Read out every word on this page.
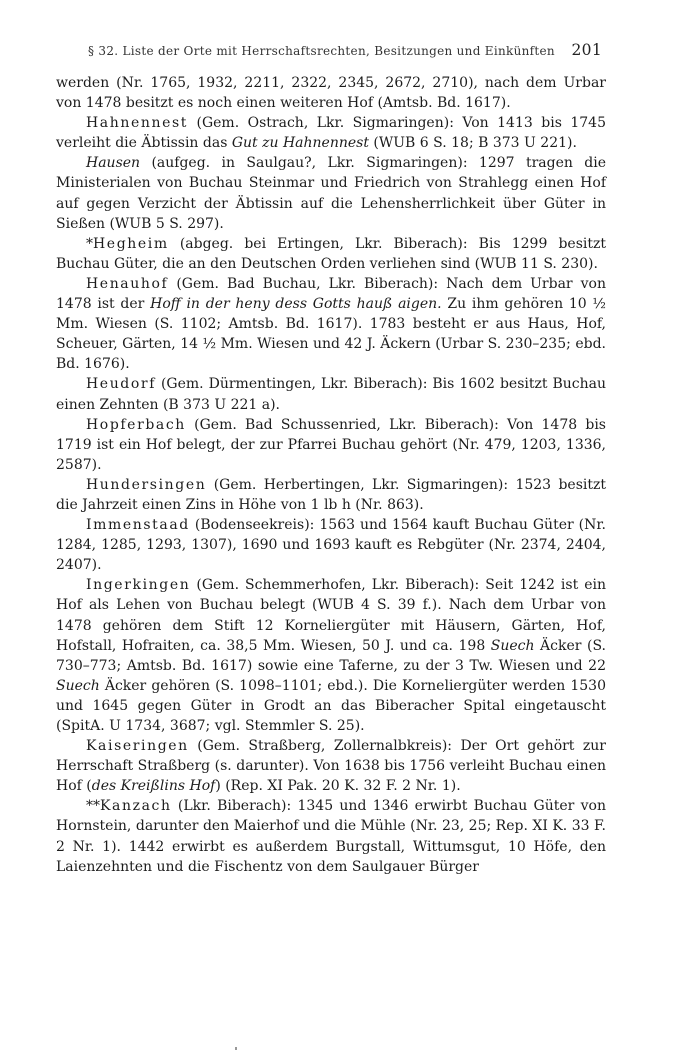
§ 32. Liste der Orte mit Herrschaftsrechten, Besitzungen und Einkünften 201

werden (Nr. 1765, 1932, 2211, 2322, 2345, 2672, 2710), nach dem Urbar von 1478 besitzt es noch einen weiteren Hof (Amtsb. Bd. 1617).

Hahnennest (Gem. Ostrach, Lkr. Sigmaringen): Von 1413 bis 1745 verleiht die Äbtissin das Gut zu Hahnennest (WUB 6 S. 18; B 373 U 221).

Hausen (aufgeg. in Saulgau?, Lkr. Sigmaringen): 1297 tragen die Ministerialen von Buchau Steinmar und Friedrich von Strahlegg einen Hof auf gegen Verzicht der Äbtissin auf die Lehensherrlichkeit über Güter in Sießen (WUB 5 S. 297).

*Hegheim (abgeg. bei Ertingen, Lkr. Biberach): Bis 1299 besitzt Buchau Güter, die an den Deutschen Orden verliehen sind (WUB 11 S. 230).

Henauhof (Gem. Bad Buchau, Lkr. Biberach): Nach dem Urbar von 1478 ist der Hoff in der heny dess Gotts hauß aigen. Zu ihm gehören 10 ½ Mm. Wiesen (S. 1102; Amtsb. Bd. 1617). 1783 besteht er aus Haus, Hof, Scheuer, Gärten, 14 ½ Mm. Wiesen und 42 J. Äckern (Urbar S. 230–235; ebd. Bd. 1676).

Heudorf (Gem. Dürmentingen, Lkr. Biberach): Bis 1602 besitzt Buchau einen Zehnten (B 373 U 221 a).

Hopferbach (Gem. Bad Schussenried, Lkr. Biberach): Von 1478 bis 1719 ist ein Hof belegt, der zur Pfarrei Buchau gehört (Nr. 479, 1203, 1336, 2587).

Hundersingen (Gem. Herbertingen, Lkr. Sigmaringen): 1523 besitzt die Jahrzeit einen Zins in Höhe von 1 lb h (Nr. 863).

Immenstaad (Bodenseekreis): 1563 und 1564 kauft Buchau Güter (Nr. 1284, 1285, 1293, 1307), 1690 und 1693 kauft es Rebgüter (Nr. 2374, 2404, 2407).

Ingerkingen (Gem. Schemmerhofen, Lkr. Biberach): Seit 1242 ist ein Hof als Lehen von Buchau belegt (WUB 4 S. 39 f.). Nach dem Urbar von 1478 gehören dem Stift 12 Korneliergüter mit Häusern, Gärten, Hof, Hofstall, Hofraiten, ca. 38,5 Mm. Wiesen, 50 J. und ca. 198 Suech Äcker (S. 730–773; Amtsb. Bd. 1617) sowie eine Taferne, zu der 3 Tw. Wiesen und 22 Suech Äcker gehören (S. 1098–1101; ebd.). Die Korneliergüter werden 1530 und 1645 gegen Güter in Grodt an das Biberacher Spital eingetauscht (SpitA. U 1734, 3687; vgl. Stemmler S. 25).

Kaiseringen (Gem. Straßberg, Zollernalbkreis): Der Ort gehört zur Herrschaft Straßberg (s. darunter). Von 1638 bis 1756 verleiht Buchau einen Hof (des Kreißlins Hof) (Rep. XI Pak. 20 K. 32 F. 2 Nr. 1).

**Kanzach (Lkr. Biberach): 1345 und 1346 erwirbt Buchau Güter von Hornstein, darunter den Maierhof und die Mühle (Nr. 23, 25; Rep. XI K. 33 F. 2 Nr. 1). 1442 erwirbt es außerdem Burgstall, Wittumsgut, 10 Höfe, den Laienzehnten und die Fischentz von dem Saulgauer Bürger
